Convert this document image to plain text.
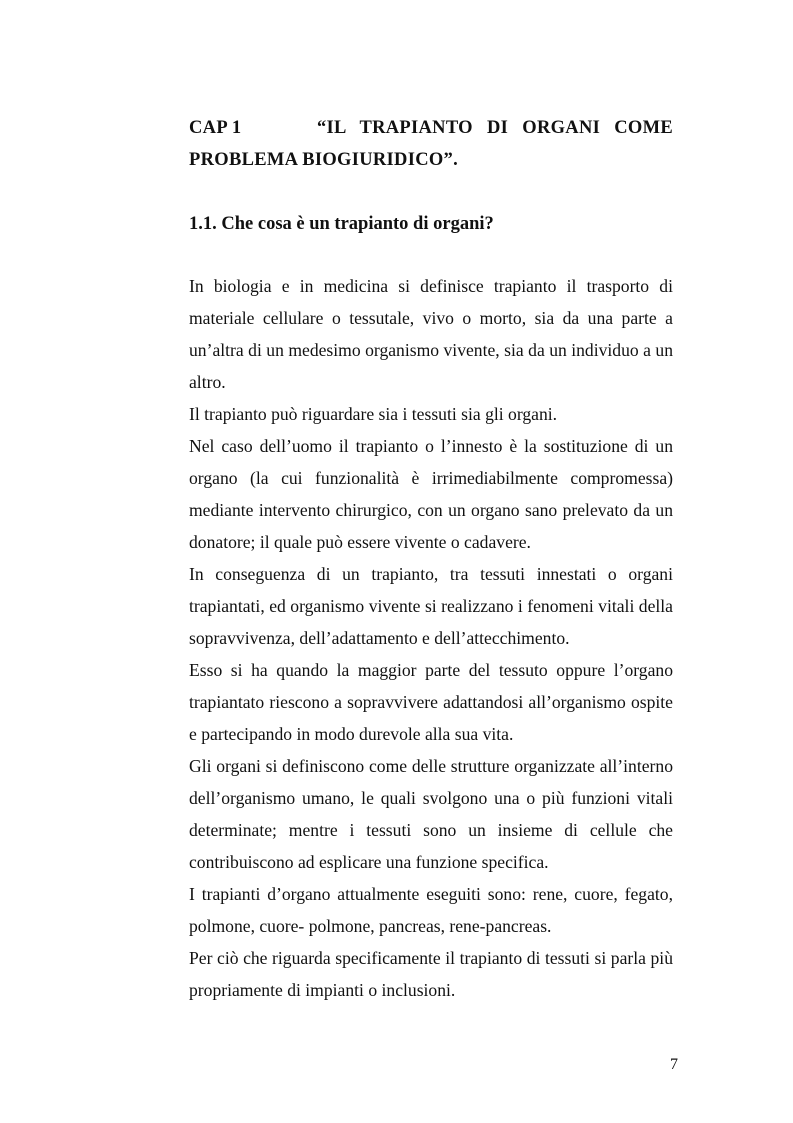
CAP 1	“IL TRAPIANTO DI ORGANI COME
PROBLEMA BIOGIURIDICO”.
1.1. Che cosa è un trapianto di organi?

In biologia e in medicina si definisce trapianto il trasporto di materiale cellulare o tessutale, vivo o morto, sia da una parte a un’altra di un medesimo organismo vivente, sia da un individuo a un altro.

Il trapianto può riguardare sia i tessuti sia gli organi.

Nel caso dell’uomo il trapianto o l’innesto è la sostituzione di un organo (la cui funzionalità è irrimediabilmente compromessa) mediante intervento chirurgico, con un organo sano prelevato da un donatore; il quale può essere vivente o cadavere.

In conseguenza di un trapianto, tra tessuti innestati o organi trapiantati, ed organismo vivente si realizzano i fenomeni vitali della sopravvivenza, dell’adattamento e dell’attecchimento.

Esso si ha quando la maggior parte del tessuto oppure l’organo trapiantato riescono a sopravvivere adattandosi all’organismo ospite e partecipando in modo durevole alla sua vita.

Gli organi si definiscono come delle strutture organizzate all’interno dell’organismo umano, le quali svolgono una o più funzioni vitali determinate; mentre i tessuti sono un insieme di cellule che contribuiscono ad esplicare una funzione specifica.

I trapianti d’organo attualmente eseguiti sono: rene, cuore, fegato, polmone, cuore- polmone, pancreas, rene-pancreas.

Per ciò che riguarda specificamente il trapianto di tessuti si parla più propriamente di impianti o inclusioni.

7
